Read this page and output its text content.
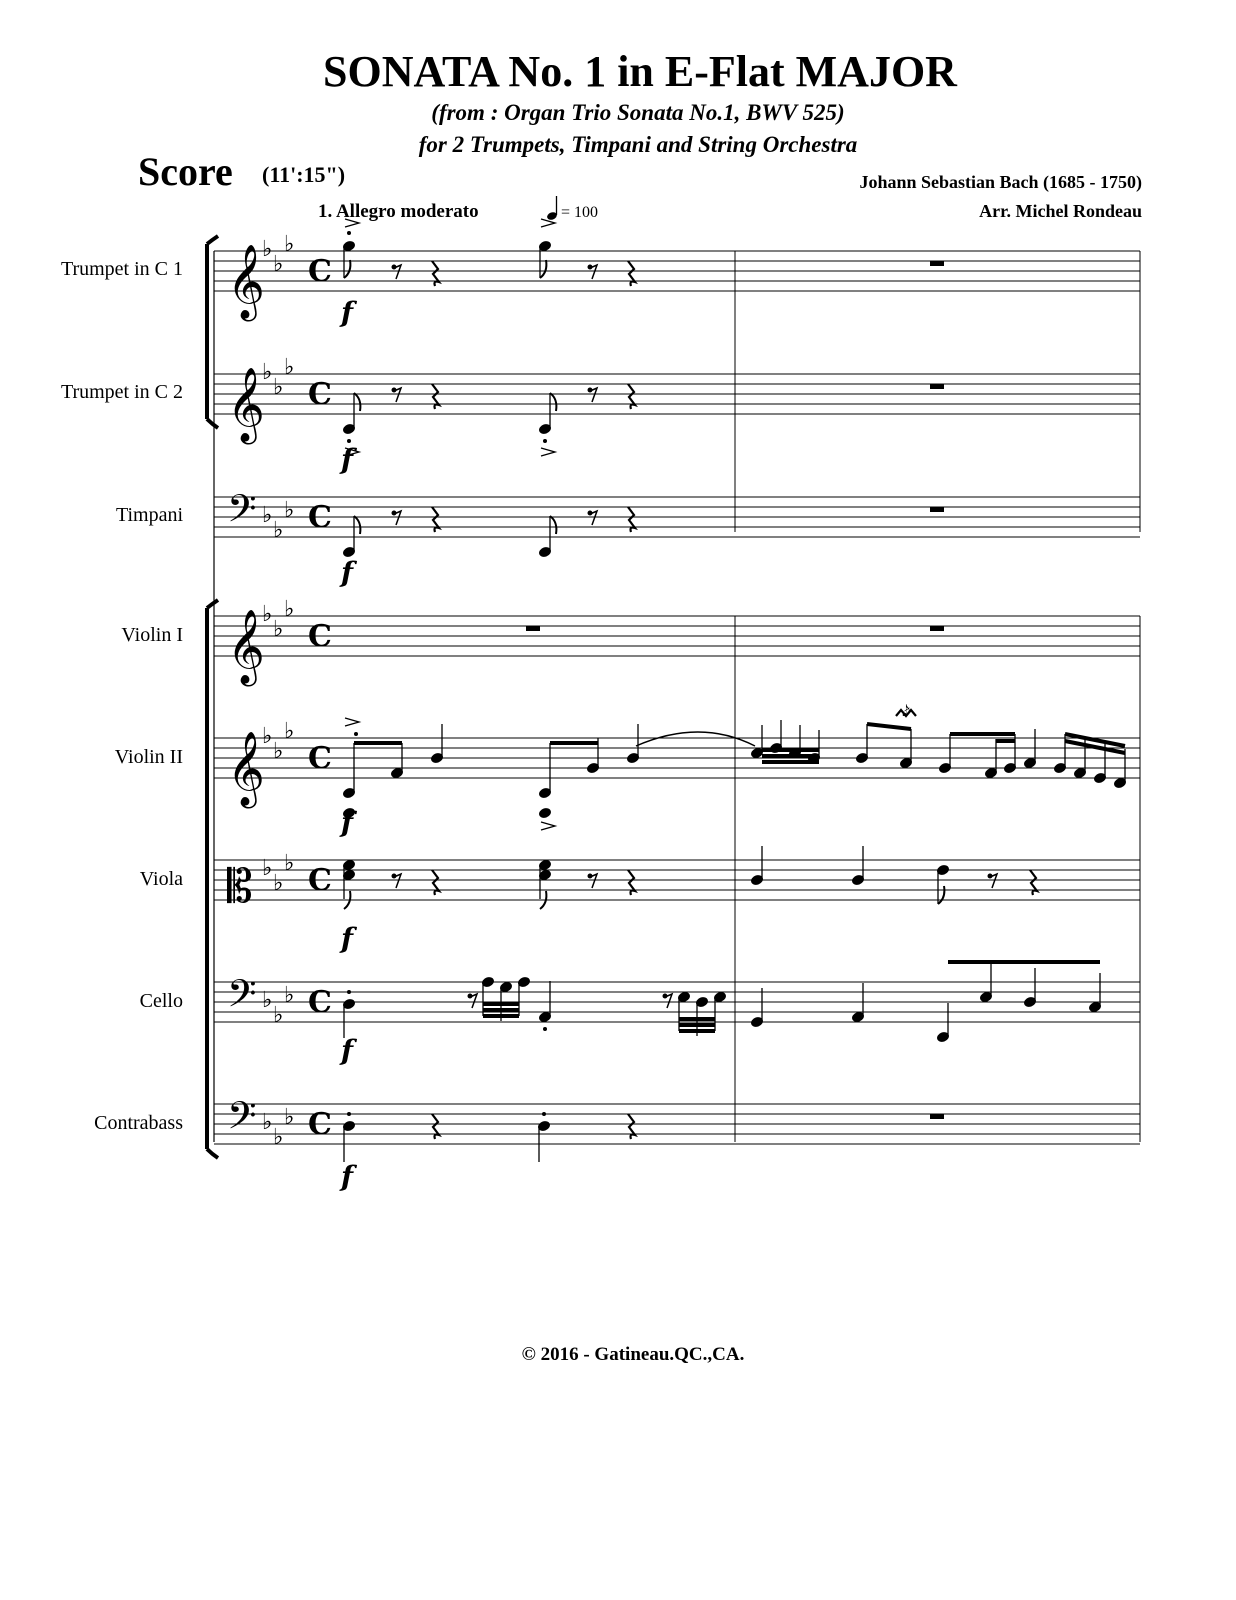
SONATA No. 1 in E-Flat MAJOR
(from : Organ Trio Sonata No.1, BWV 525)
for 2 Trumpets, Timpani and String Orchestra
Score (11':15")	Johann Sebastian Bach (1685 - 1750)
Arr. Michel Rondeau
1. Allegro moderato	= 100
Trumpet in C 1
Trumpet in C 2
Timpani
Violin I
Violin II
Viola
Cello
Contrabass
𝄞
♭
♭
♭
C
𝄞
♭
♭
♭
C
𝄢 ♭
♭
♭ C
𝄞
♭
♭
♭
C
𝄞
♭
♭
♭
C
𝄡 ♭
♭
♭ C
𝄢 ♭
♭
♭ C
𝄢 ♭
♭
♭ C
f
f
f
𝆔
f
f
f
f
© 2016 - Gatineau.QC.,CA.
